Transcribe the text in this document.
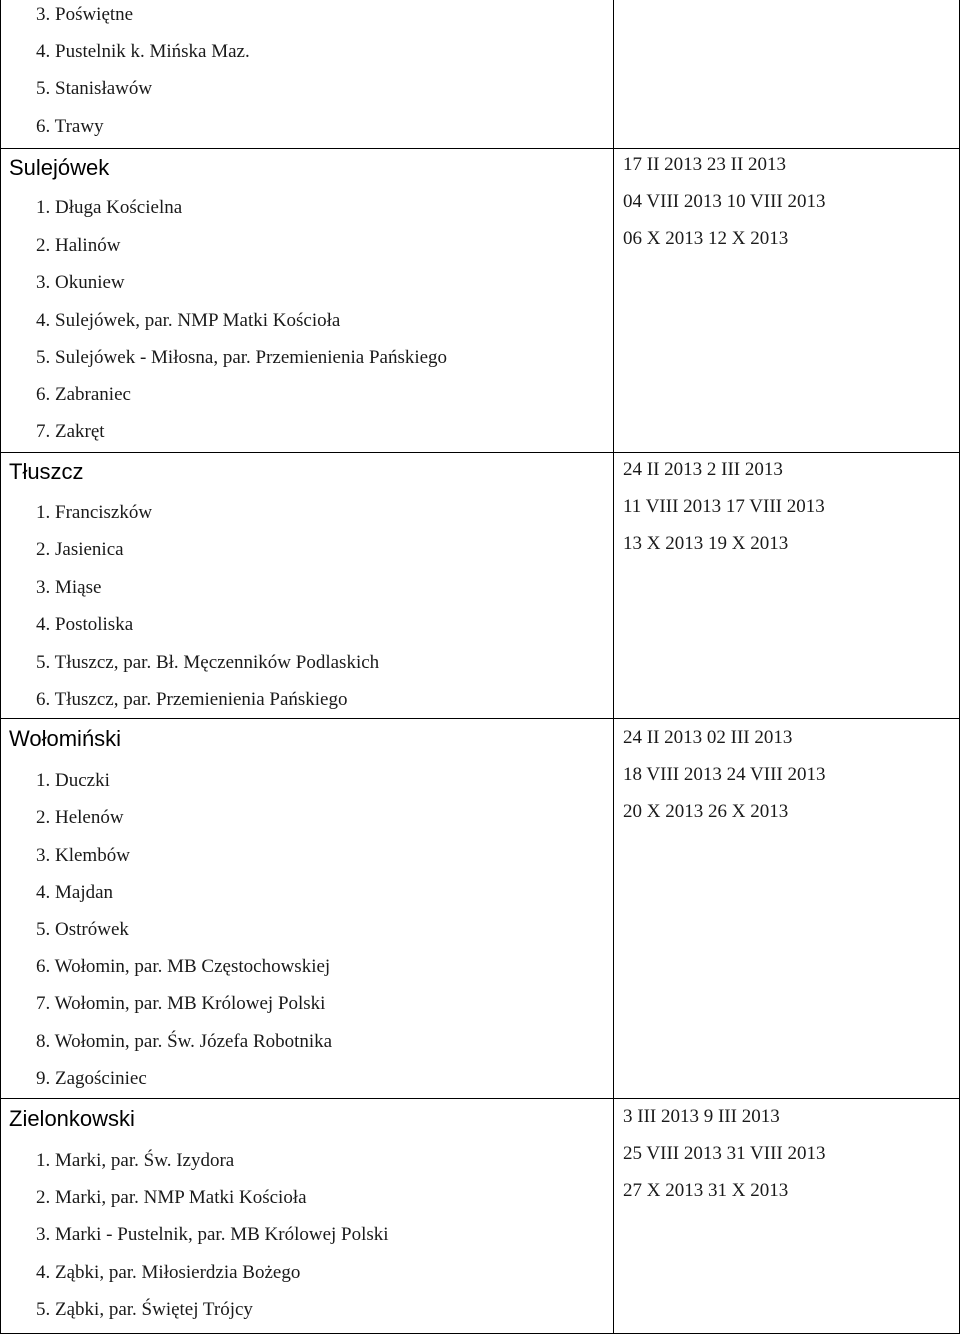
3. Poświętne
4. Pustelnik k. Mińska Maz.
5. Stanisławów
6. Trawy
Sulejówek
1. Długa Kościelna
2. Halinów
3. Okuniew
4. Sulejówek, par. NMP Matki Kościoła
5. Sulejówek - Miłosna, par. Przemienienia Pańskiego
6. Zabraniec
7. Zakręt
17 II 2013 23 II 2013
04 VIII 2013 10 VIII 2013
06 X 2013 12 X 2013
Tłuszcz
1. Franciszków
2. Jasienica
3. Miąse
4. Postoliska
5. Tłuszcz, par. Bł. Męczenników Podlaskich
6. Tłuszcz, par. Przemienienia Pańskiego
24 II 2013 2 III 2013
11 VIII 2013 17 VIII 2013
13 X 2013 19 X 2013
Wołomiński
1. Duczki
2. Helenów
3. Klembów
4. Majdan
5. Ostrówek
6. Wołomin, par. MB Częstochowskiej
7. Wołomin, par. MB Królowej Polski
8. Wołomin, par. Św. Józefa Robotnika
9. Zagościniec
24 II 2013 02 III 2013
18 VIII 2013 24 VIII 2013
20 X 2013 26 X 2013
Zielonkowski
1. Marki, par. Św. Izydora
2. Marki, par. NMP Matki Kościoła
3. Marki - Pustelnik, par. MB Królowej Polski
4. Ząbki, par. Miłosierdzia Bożego
5. Ząbki, par. Świętej Trójcy
3 III 2013 9 III 2013
25 VIII 2013 31 VIII 2013
27 X 2013 31 X 2013
